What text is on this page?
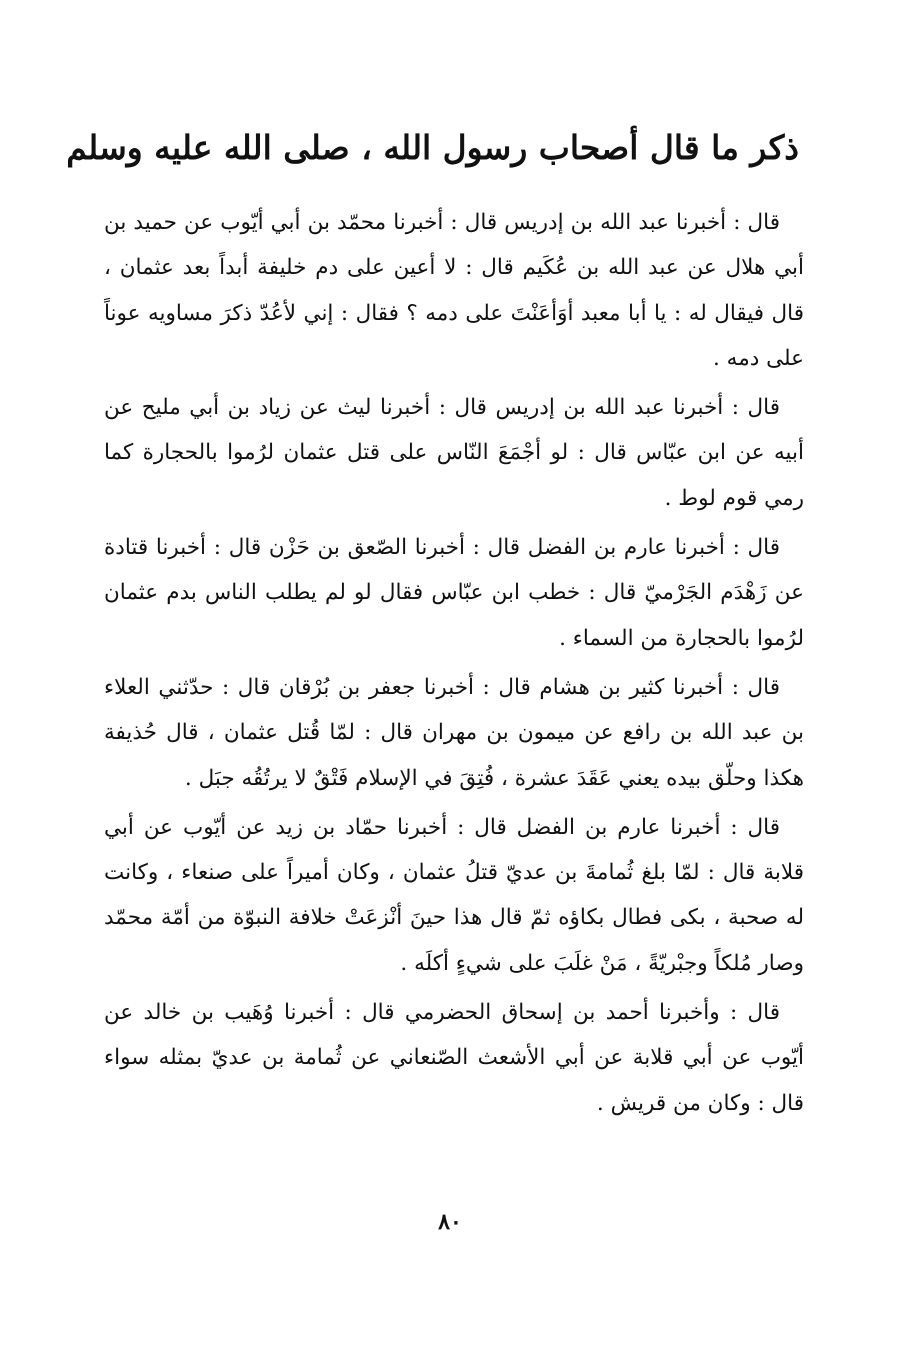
ذكر ما قال أصحاب رسول الله ، صلى الله عليه وسلم

قال : أخبرنا عبد الله بن إدريس قال : أخبرنا محمّد بن أبي أيّوب عن حميد بن أبي هلال عن عبد الله بن عُكَيم قال : لا أعين على دم خليفة أبداً بعد عثمان ، قال فيقال له : يا أبا معبد أوَأعَنْتَ على دمه ؟ فقال : إني لأعُدّ ذكرَ مساويه عوناً على دمه .

قال : أخبرنا عبد الله بن إدريس قال : أخبرنا ليث عن زياد بن أبي مليح عن أبيه عن ابن عبّاس قال : لو أجْمَعَ النّاس على قتل عثمان لرُموا بالحجارة كما رمي قوم لوط .

قال : أخبرنا عارم بن الفضل قال : أخبرنا الصّعق بن حَزْن قال : أخبرنا قتادة عن زَهْدَم الجَرْميّ قال : خطب ابن عبّاس فقال لو لم يطلب الناس بدم عثمان لرُموا بالحجارة من السماء .

قال : أخبرنا كثير بن هشام قال : أخبرنا جعفر بن بُرْقان قال : حدّثني العلاء بن عبد الله بن رافع عن ميمون بن مهران قال : لمّا قُتل عثمان ، قال حُذيفة هكذا وحلّق بيده يعني عَقَدَ عشرة ، فُتِقَ في الإسلام فَتْقٌ لا يرتُقُه جبَل .

قال : أخبرنا عارم بن الفضل قال : أخبرنا حمّاد بن زيد عن أيّوب عن أبي قلابة قال : لمّا بلغ ثُمامةَ بن عديّ قتلُ عثمان ، وكان أميراً على صنعاء ، وكانت له صحبة ، بكى فطال بكاؤه ثمّ قال هذا حينَ أنْزعَتْ خلافة النبوّة من أمّة محمّد وصار مُلكاً وجبْريّةً ، مَنْ غلَبَ على شيءٍ أكلَه .

قال : وأخبرنا أحمد بن إسحاق الحضرمي قال : أخبرنا وُهَيب بن خالد عن أيّوب عن أبي قلابة عن أبي الأشعث الصّنعاني عن ثُمامة بن عديّ بمثله سواء قال : وكان من قريش .

٨٠
